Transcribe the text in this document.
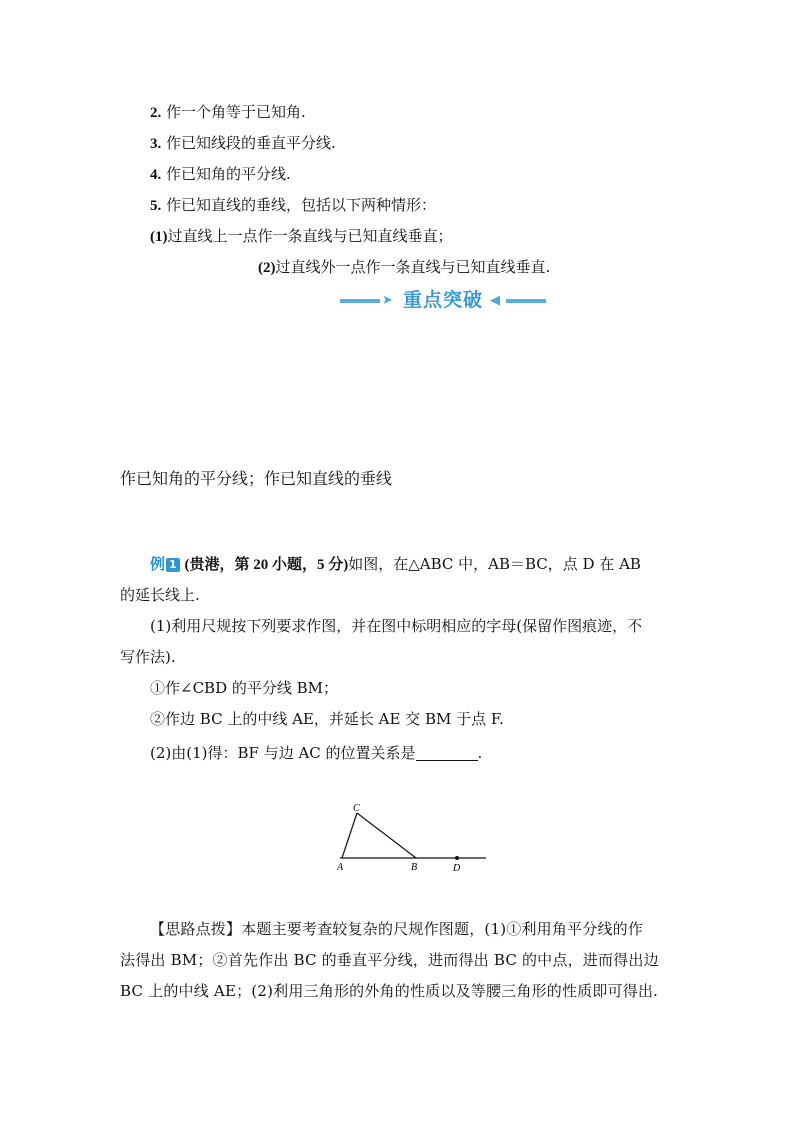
2. 作一个角等于已知角.
3. 作已知线段的垂直平分线.
4. 作已知角的平分线.
5. 作已知直线的垂线，包括以下两种情形：
(1)过直线上一点作一条直线与已知直线垂直；
(2)过直线外一点作一条直线与已知直线垂直.
➤ 重点突破 ◀
作已知角的平分线；作已知直线的垂线
例 1 (贵港，第 20 小题，5 分)如图，在△ABC 中，AB＝BC，点 D 在 AB
的延长线上.
(1)利用尺规按下列要求作图，并在图中标明相应的字母(保留作图痕迹，不
写作法).
①作∠CBD 的平分线 BM；
②作边 BC 上的中线 AE，并延长 AE 交 BM 于点 F.
(2)由(1)得：BF 与边 AC 的位置关系是	.
C
A	B	D
【思路点拨】本题主要考查较复杂的尺规作图题，(1)①利用角平分线的作
法得出 BM；②首先作出 BC 的垂直平分线，进而得出 BC 的中点，进而得出边
BC 上的中线 AE；(2)利用三角形的外角的性质以及等腰三角形的性质即可得出.
